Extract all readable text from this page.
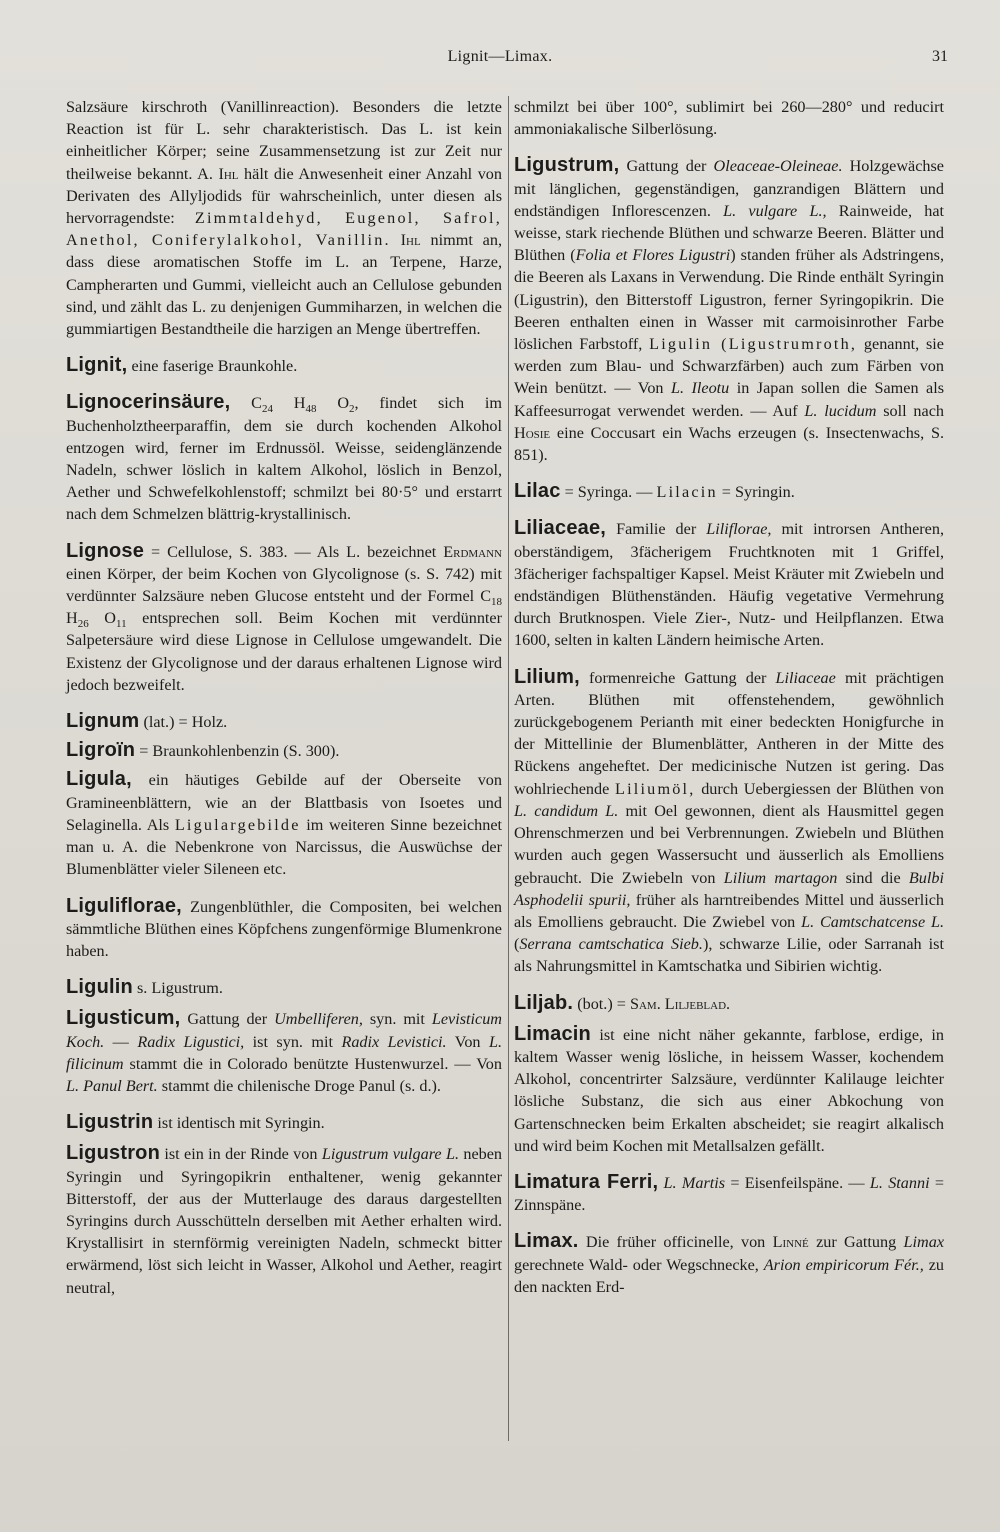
Lignit—Limax.	31

Salzsäure kirschroth (Vanillinreaction). Besonders die letzte Reaction ist für L. sehr charakteristisch. Das L. ist kein einheitlicher Körper; seine Zusammensetzung ist zur Zeit nur theilweise bekannt. A. Ihl hält die Anwesenheit einer Anzahl von Derivaten des Allyljodids für wahrscheinlich, unter diesen als hervorragendste: Zimmtaldehyd, Eugenol, Safrol, Anethol, Coniferylalkohol, Vanillin. Ihl nimmt an, dass diese aromatischen Stoffe im L. an Terpene, Harze, Campherarten und Gummi, vielleicht auch an Cellulose gebunden sind, und zählt das L. zu denjenigen Gummiharzen, in welchen die gummiartigen Bestandtheile die harzigen an Menge übertreffen.

Lignit, eine faserige Braunkohle.

Lignocerinsäure, $C_{24}$ $H_{48}$ $O_2$, findet sich im Buchenholztheerparaffin, dem sie durch kochenden Alkohol entzogen wird, ferner im Erdnussöl. Weisse, seidenglänzende Nadeln, schwer löslich in kaltem Alkohol, löslich in Benzol, Aether und Schwefelkohlenstoff; schmilzt bei 80·5° und erstarrt nach dem Schmelzen blättrig-krystallinisch.

Lignose = Cellulose, S. 383. — Als L. bezeichnet Erdmann einen Körper, der beim Kochen von Glycolignose (s. S. 742) mit verdünnter Salzsäure neben Glucose entsteht und der Formel $C_{18}$ $H_{26}$ $O_{11}$ entsprechen soll. Beim Kochen mit verdünnter Salpetersäure wird diese Lignose in Cellulose umgewandelt. Die Existenz der Glycolignose und der daraus erhaltenen Lignose wird jedoch bezweifelt.

Lignum (lat.) = Holz.

Ligroïn = Braunkohlenbenzin (S. 300).

Ligula, ein häutiges Gebilde auf der Oberseite von Gramineenblättern, wie an der Blattbasis von Isoetes und Selaginella. Als Ligulargebilde im weiteren Sinne bezeichnet man u. A. die Nebenkrone von Narcissus, die Auswüchse der Blumenblätter vieler Sileneen etc.

Liguliflorae, Zungenblüthler, die Compositen, bei welchen sämmtliche Blüthen eines Köpfchens zungenförmige Blumenkrone haben.

Ligulin s. Ligustrum.

Ligusticum, Gattung der Umbelliferen, syn. mit Levisticum Koch. — Radix Ligustici, ist syn. mit Radix Levistici. Von L. filicinum stammt die in Colorado benützte Hustenwurzel. — Von L. Panul Bert. stammt die chilenische Droge Panul (s. d.).

Ligustrin ist identisch mit Syringin.

Ligustron ist ein in der Rinde von Ligustrum vulgare L. neben Syringin und Syringopikrin enthaltener, wenig gekannter Bitterstoff, der aus der Mutterlauge des daraus dargestellten Syringins durch Ausschütteln derselben mit Aether erhalten wird. Krystallisirt in sternförmig vereinigten Nadeln, schmeckt bitter erwärmend, löst sich leicht in Wasser, Alkohol und Aether, reagirt neutral,

schmilzt bei über 100°, sublimirt bei 260—280° und reducirt ammoniakalische Silberlösung.

Ligustrum, Gattung der Oleaceae-Oleineae. Holzgewächse mit länglichen, gegenständigen, ganzrandigen Blättern und endständigen Inflorescenzen. L. vulgare L., Rainweide, hat weisse, stark riechende Blüthen und schwarze Beeren. Blätter und Blüthen (Folia et Flores Ligustri) standen früher als Adstringens, die Beeren als Laxans in Verwendung. Die Rinde enthält Syringin (Ligustrin), den Bitterstoff Ligustron, ferner Syringopikrin. Die Beeren enthalten einen in Wasser mit carmoisinrother Farbe löslichen Farbstoff, Ligulin (Ligustrumroth, genannt, sie werden zum Blau- und Schwarzfärben) auch zum Färben von Wein benützt. — Von L. Ileotu in Japan sollen die Samen als Kaffeesurrogat verwendet werden. — Auf L. lucidum soll nach Hosie eine Coccusart ein Wachs erzeugen (s. Insectenwachs, S. 851).

Lilac = Syringa. — Lilacin = Syringin.

Liliaceae, Familie der Liliflorae, mit introrsen Antheren, oberständigem, 3fächerigem Fruchtknoten mit 1 Griffel, 3fächeriger fachspaltiger Kapsel. Meist Kräuter mit Zwiebeln und endständigen Blüthenständen. Häufig vegetative Vermehrung durch Brutknospen. Viele Zier-, Nutz- und Heilpflanzen. Etwa 1600, selten in kalten Ländern heimische Arten.

Lilium, formenreiche Gattung der Liliaceae mit prächtigen Arten. Blüthen mit offenstehendem, gewöhnlich zurückgebogenem Perianth mit einer bedeckten Honigfurche in der Mittellinie der Blumenblätter, Antheren in der Mitte des Rückens angeheftet. Der medicinische Nutzen ist gering. Das wohlriechende Liliumöl, durch Uebergiessen der Blüthen von L. candidum L. mit Oel gewonnen, dient als Hausmittel gegen Ohrenschmerzen und bei Verbrennungen. Zwiebeln und Blüthen wurden auch gegen Wassersucht und äusserlich als Emolliens gebraucht. Die Zwiebeln von Lilium martagon sind die Bulbi Asphodelii spurii, früher als harntreibendes Mittel und äusserlich als Emolliens gebraucht. Die Zwiebel von L. Camtschatcense L. (Serrana camtschatica Sieb.), schwarze Lilie, oder Sarranah ist als Nahrungsmittel in Kamtschatka und Sibirien wichtig.

Liljab. (bot.) = Sam. Liljeblad.

Limacin ist eine nicht näher gekannte, farblose, erdige, in kaltem Wasser wenig lösliche, in heissem Wasser, kochendem Alkohol, concentrirter Salzsäure, verdünnter Kalilauge leichter lösliche Substanz, die sich aus einer Abkochung von Gartenschnecken beim Erkalten abscheidet; sie reagirt alkalisch und wird beim Kochen mit Metallsalzen gefällt.

Limatura Ferri, L. Martis = Eisenfeilspäne. — L. Stanni = Zinnspäne.

Limax. Die früher officinelle, von Linné zur Gattung Limax gerechnete Wald- oder Wegschnecke, Arion empiricorum Fér., zu den nackten Erd-
